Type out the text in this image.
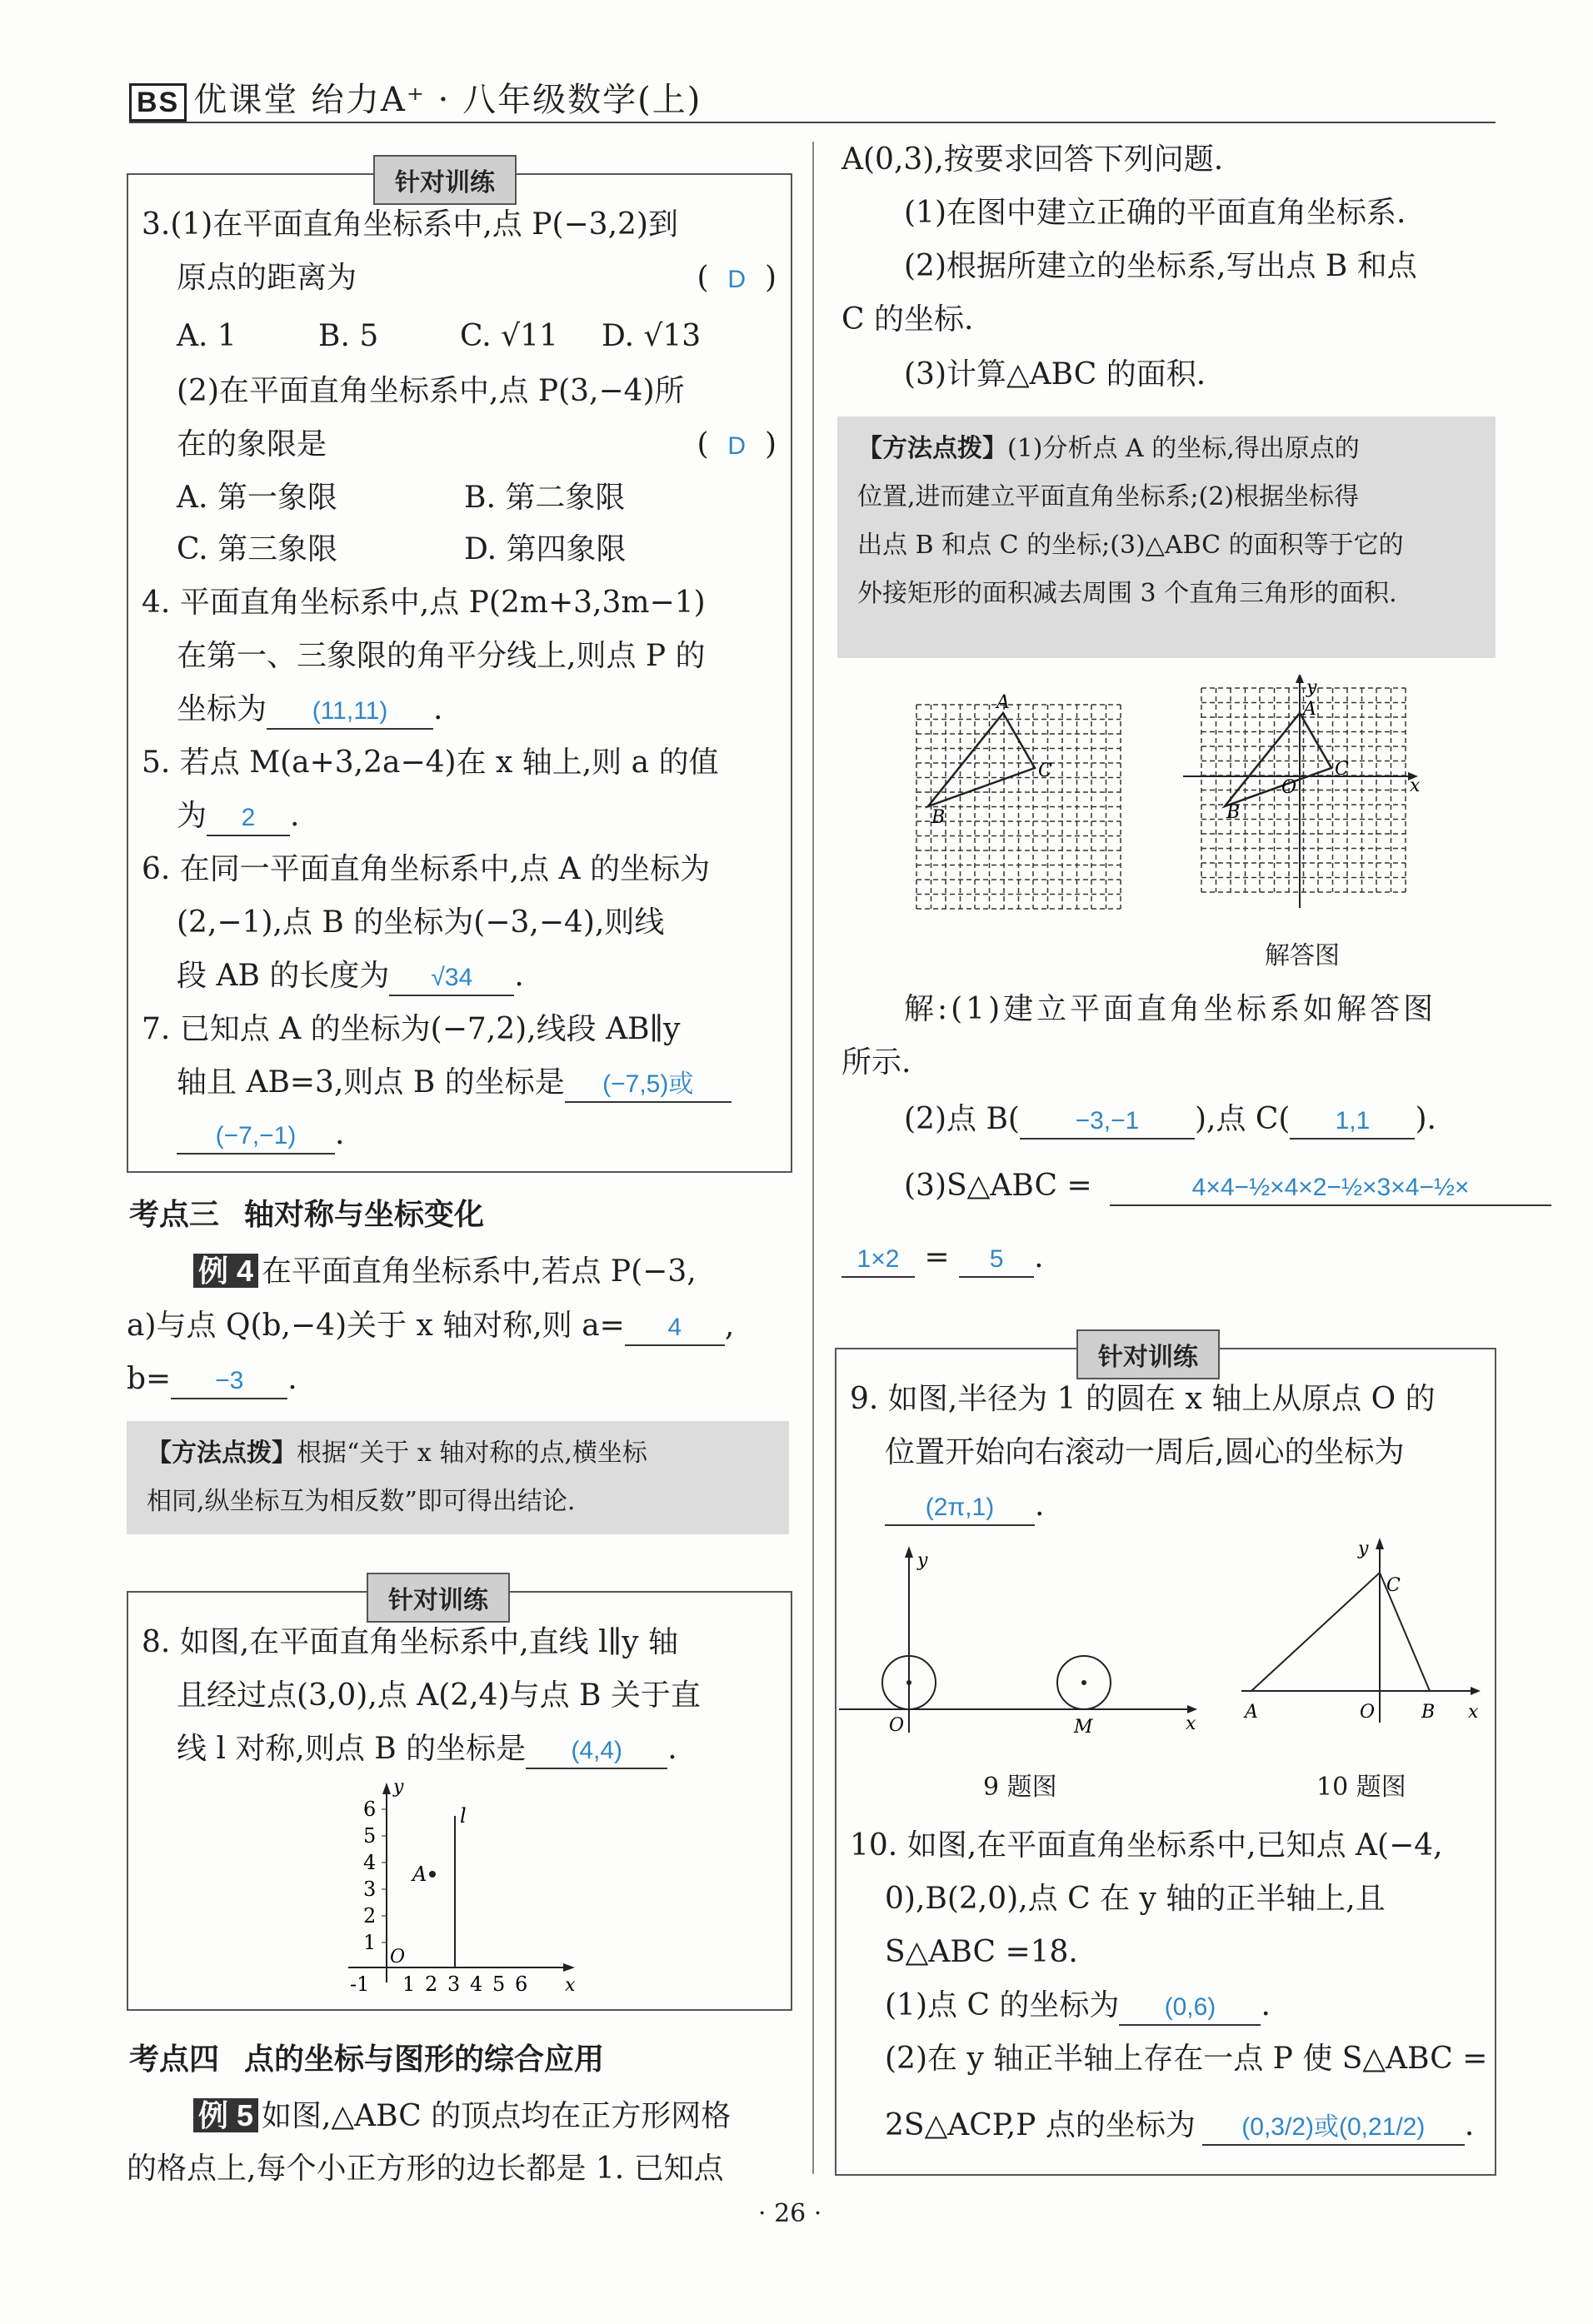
BS 优课堂 绐力A⁺ · 八年级数学(上)
针对训练
3.(1)在平面直角坐标系中,点 P(−3,2)到
原点的距离为	(  D  )
A. 1	B. 5	C. √11 D. √13
(2)在平面直角坐标系中,点 P(3,−4)所
在的象限是	(  D  )
A. 第一象限	B. 第二象限
C. 第三象限	D. 第四象限
4. 平面直角坐标系中,点 P(2m+3,3m−1)
在第一、三象限的角平分线上,则点 P 的
坐标为 (11,11) .
5. 若点 M(a+3,2a−4)在 x 轴上,则 a 的值
为 2 .
6. 在同一平面直角坐标系中,点 A 的坐标为
(2,−1),点 B 的坐标为(−3,−4),则线
段 AB 的长度为 √34 .
7. 已知点 A 的坐标为(−7,2),线段 AB∥y
轴且 AB=3,则点 B 的坐标是 (−7,5)或
(−7,−1) .
考点三 轴对称与坐标变化
例 4 在平面直角坐标系中,若点 P(−3,
a)与点 Q(b,−4)关于 x 轴对称,则 a= 4 ,
b= −3 .
【方法点拨】根据“关于 x 轴对称的点,横坐标
相同,纵坐标互为相反数”即可得出结论.
针对训练
8. 如图,在平面直角坐标系中,直线 l∥y 轴
且经过点(3,0),点 A(2,4)与点 B 关于直
线 l 对称,则点 B 的坐标是 (4,4) .
y
x
l
A
O
6
5
4
3
2
1
-1 1 2 3 4 5 6
考点四 点的坐标与图形的综合应用
例 5 如图,△ABC 的顶点均在正方形网格
的格点上,每个小正方形的边长都是 1. 已知点
A(0,3),按要求回答下列问题.
(1)在图中建立正确的平面直角坐标系.
(2)根据所建立的坐标系,写出点 B 和点
C 的坐标.
(3)计算△ABC 的面积.
【方法点拨】(1)分析点 A 的坐标,得出原点的
位置,进而建立平面直角坐标系;(2)根据坐标得
出点 B 和点 C 的坐标;(3)△ABC 的面积等于它的
外接矩形的面积减去周围 3 个直角三角形的面积.
A
B
C
y
x
A
B
C
O
解答图
解:(1)建立平面直角坐标系如解答图
所示.
(2)点 B( −3,−1 ),点 C( 1,1 ).
(3)S△ABC =	4×4−½×4×2−½×3×4−½×
1×2 = 5 .
针对训练
9. 如图,半径为 1 的圆在 x 轴上从原点 O 的
位置开始向右滚动一周后,圆心的坐标为
(2π,1) .
y
O	M	x
y
C
A	O	B x
9 题图	10 题图
10. 如图,在平面直角坐标系中,已知点 A(−4,
0),B(2,0),点 C 在 y 轴的正半轴上,且
S△ABC =18.
(1)点 C 的坐标为 (0,6) .
(2)在 y 轴正半轴上存在一点 P 使 S△ABC =
2S△ACP,P 点的坐标为 (0,3/2)或(0,21/2) .
· 26 ·
